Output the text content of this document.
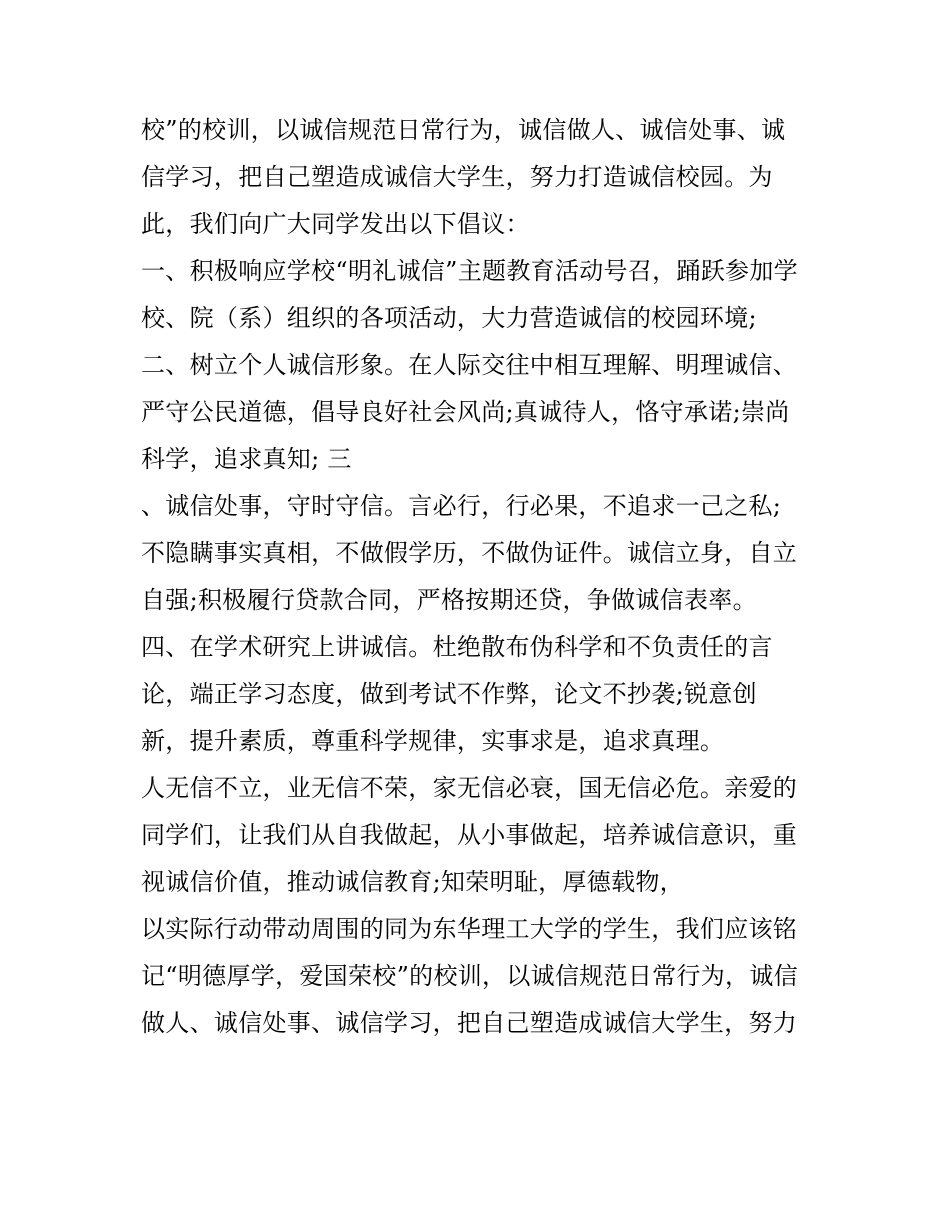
校”的校训，以诚信规范日常行为，诚信做人、诚信处事、诚
信学习，把自己塑造成诚信大学生，努力打造诚信校园。为
此，我们向广大同学发出以下倡议：
一、积极响应学校“明礼诚信”主题教育活动号召，踊跃参加学
校、院（系）组织的各项活动，大力营造诚信的校园环境;
二、树立个人诚信形象。在人际交往中相互理解、明理诚信、
严守公民道德，倡导良好社会风尚;真诚待人，恪守承诺;崇尚
科学，追求真知; 三
、诚信处事，守时守信。言必行，行必果，不追求一己之私;
不隐瞒事实真相，不做假学历，不做伪证件。诚信立身，自立
自强;积极履行贷款合同，严格按期还贷，争做诚信表率。
四、在学术研究上讲诚信。杜绝散布伪科学和不负责任的言
论，端正学习态度，做到考试不作弊，论文不抄袭;锐意创
新，提升素质，尊重科学规律，实事求是，追求真理。
人无信不立，业无信不荣，家无信必衰，国无信必危。亲爱的
同学们，让我们从自我做起，从小事做起，培养诚信意识，重
视诚信价值，推动诚信教育;知荣明耻，厚德载物，
以实际行动带动周围的同为东华理工大学的学生，我们应该铭
记“明德厚学，爱国荣校”的校训，以诚信规范日常行为，诚信
做人、诚信处事、诚信学习，把自己塑造成诚信大学生，努力
